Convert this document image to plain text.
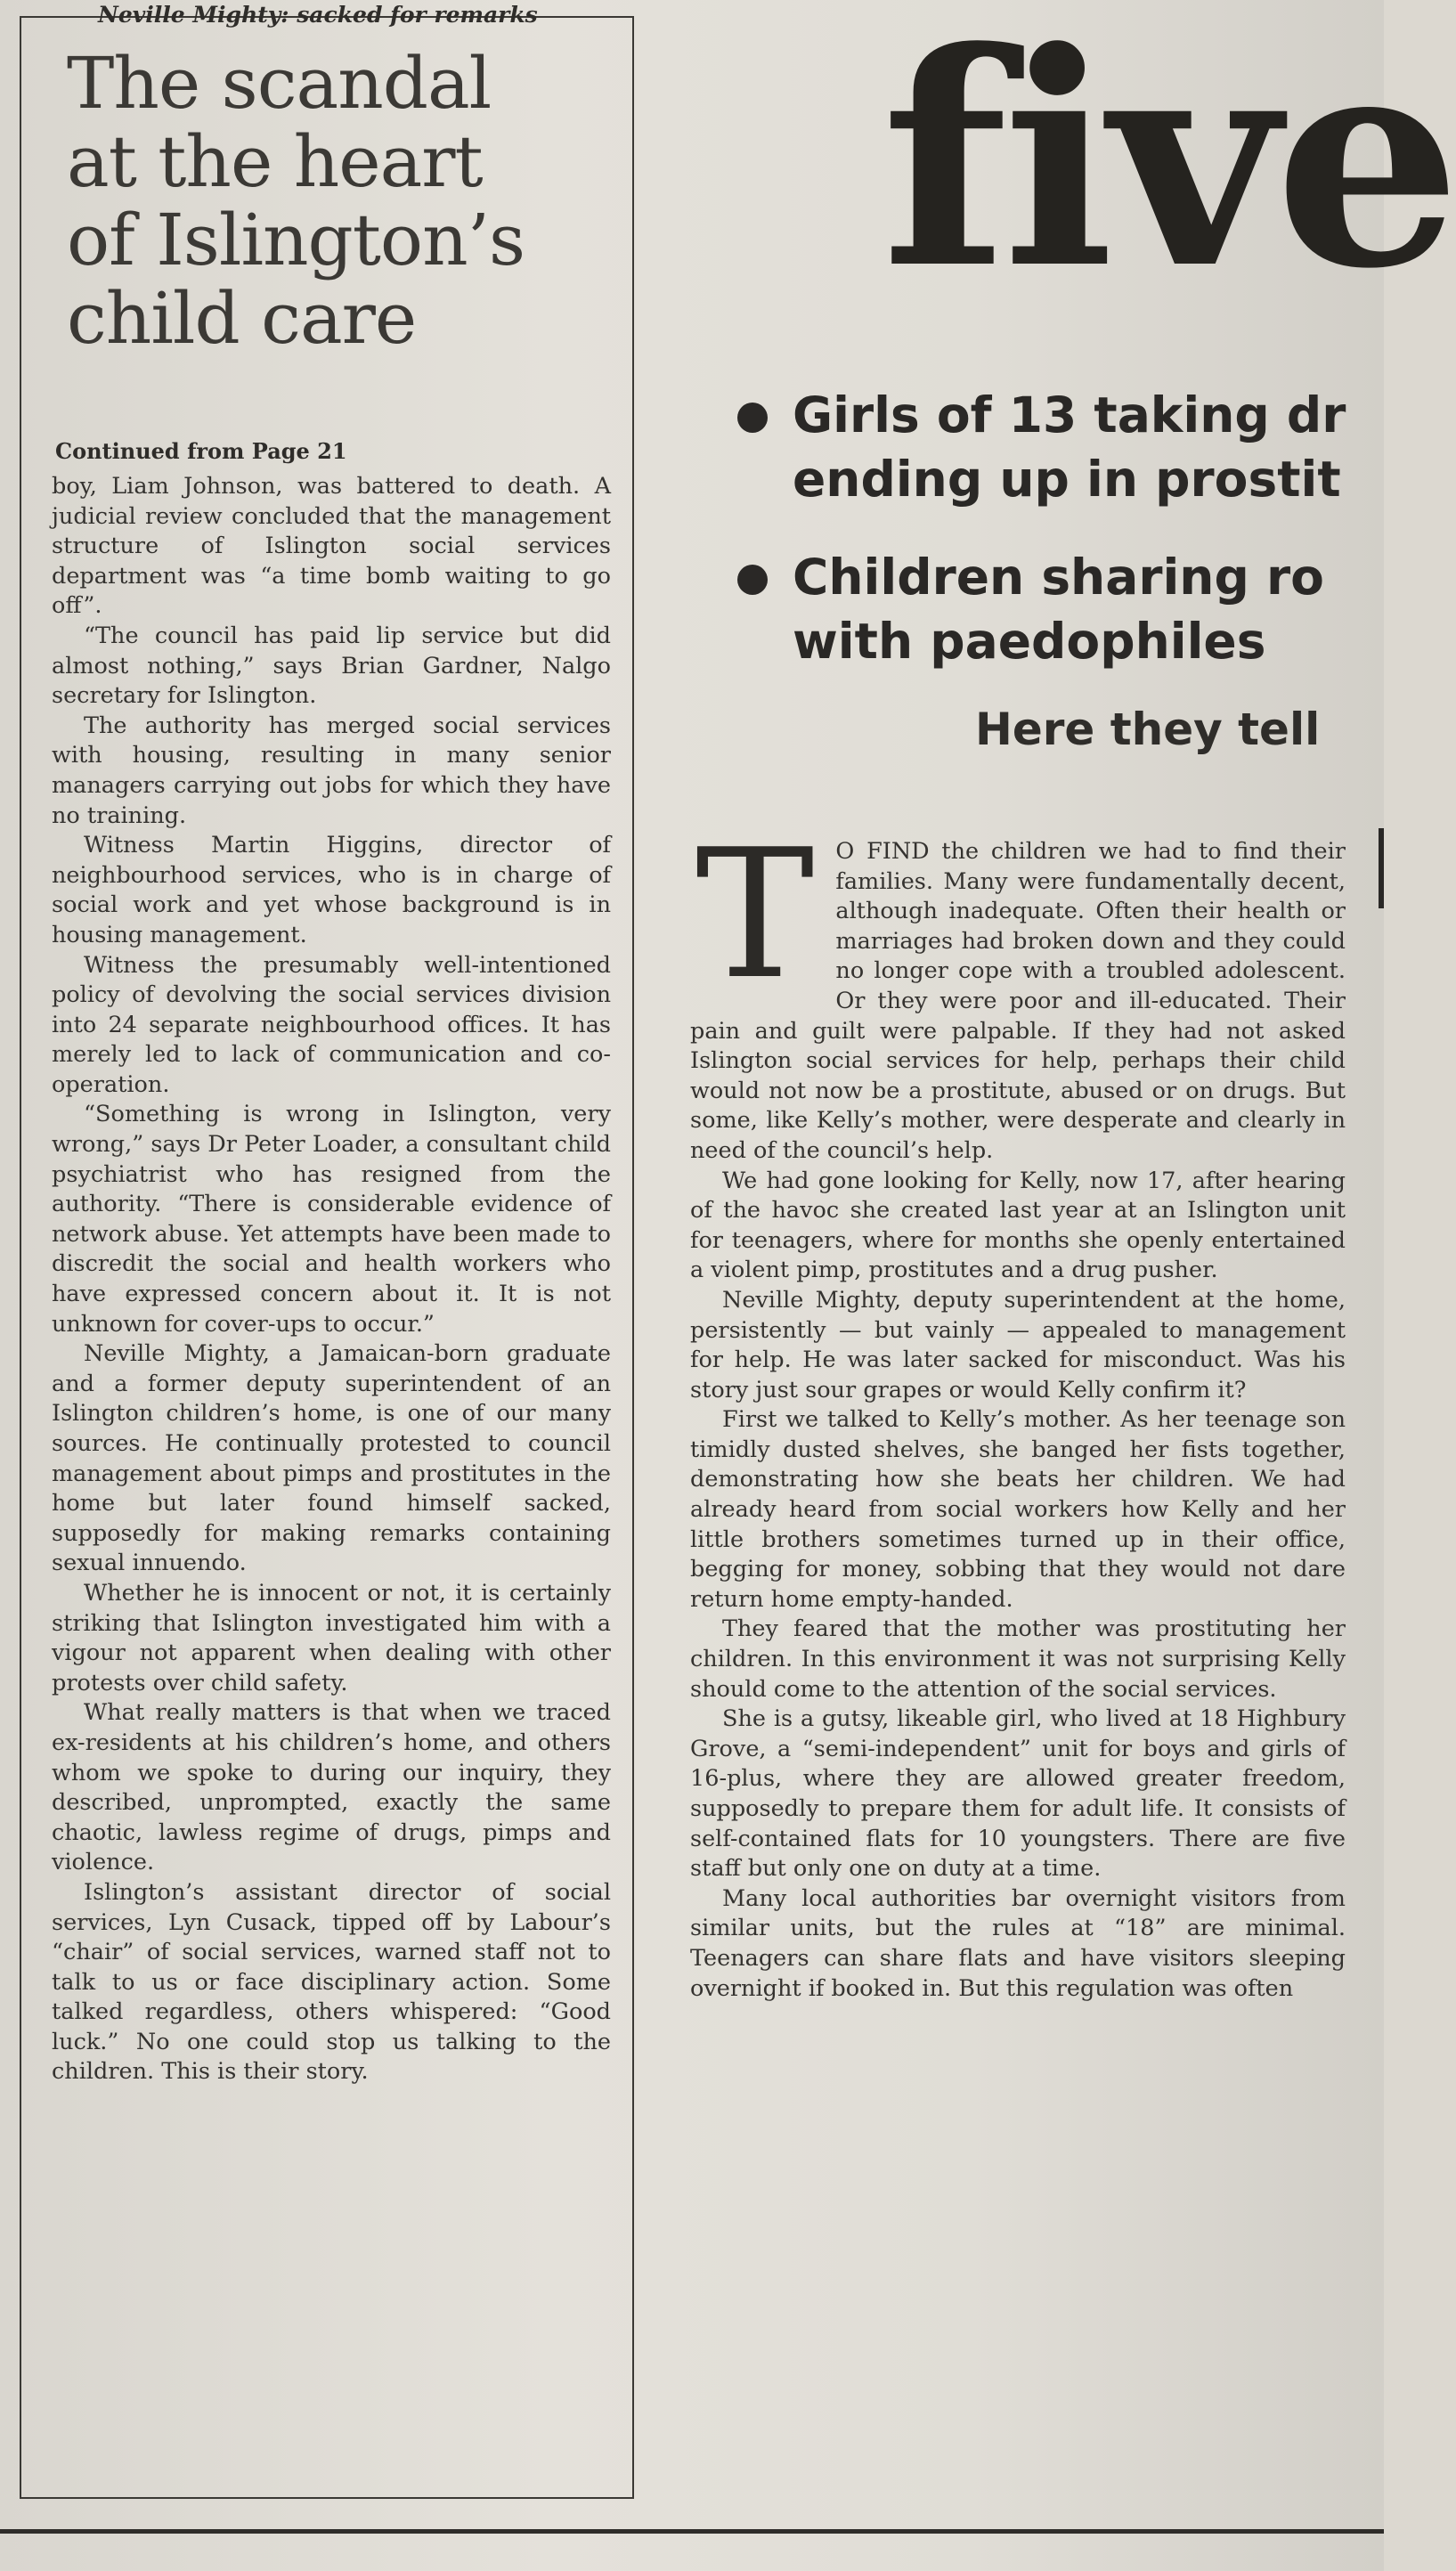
Neville Mighty: sacked for remarks
The scandal
at the heart
of Islington’s
child care
Continued from Page 21

boy, Liam Johnson, was battered to death. A judicial review concluded that the management structure of Islington social services department was “a time bomb waiting to go off”.

“The council has paid lip service but did almost nothing,” says Brian Gardner, Nalgo secretary for Islington.

The authority has merged social services with housing, resulting in many senior managers carrying out jobs for which they have no training.

Witness Martin Higgins, director of neighbourhood services, who is in charge of social work and yet whose background is in housing management.

Witness the presumably well-intentioned policy of devolving the social services division into 24 separate neighbourhood offices. It has merely led to lack of communication and co-operation.

“Something is wrong in Islington, very wrong,” says Dr Peter Loader, a consultant child psychiatrist who has resigned from the authority. “There is considerable evidence of network abuse. Yet attempts have been made to discredit the social and health workers who have expressed concern about it. It is not unknown for cover-ups to occur.”

Neville Mighty, a Jamaican-born graduate and a former deputy superintendent of an Islington children’s home, is one of our many sources. He continually protested to council management about pimps and prostitutes in the home but later found himself sacked, supposedly for making remarks containing sexual innuendo.

Whether he is innocent or not, it is certainly striking that Islington investigated him with a vigour not apparent when dealing with other protests over child safety.

What really matters is that when we traced ex-residents at his children’s home, and others whom we spoke to during our inquiry, they described, unprompted, exactly the same chaotic, lawless regime of drugs, pimps and violence.

Islington’s assistant director of social services, Lyn Cusack, tipped off by Labour’s “chair” of social services, warned staff not to talk to us or face disciplinary action. Some talked regardless, others whispered: “Good luck.” No one could stop us talking to the children. This is their story.

five
Girls of 13 taking dr
ending up in prostit
Children sharing ro
with paedophiles
Here they tell

T O FIND the children we had to find their families. Many were fundamentally decent, although inadequate. Often their health or marriages had broken down and they could no longer cope with a troubled adolescent. Or they were poor and ill-educated. Their pain and guilt were palpable. If they had not asked Islington social services for help, perhaps their child would not now be a prostitute, abused or on drugs. But some, like Kelly’s mother, were desperate and clearly in need of the council’s help.

We had gone looking for Kelly, now 17, after hearing of the havoc she created last year at an Islington unit for teenagers, where for months she openly entertained a violent pimp, prostitutes and a drug pusher.

Neville Mighty, deputy superintendent at the home, persistently — but vainly — appealed to management for help. He was later sacked for misconduct. Was his story just sour grapes or would Kelly confirm it?

First we talked to Kelly’s mother. As her teenage son timidly dusted shelves, she banged her fists together, demonstrating how she beats her children. We had already heard from social workers how Kelly and her little brothers sometimes turned up in their office, begging for money, sobbing that they would not dare return home empty-handed.

They feared that the mother was prostituting her children. In this environment it was not surprising Kelly should come to the attention of the social services.

She is a gutsy, likeable girl, who lived at 18 Highbury Grove, a “semi-independent” unit for boys and girls of 16-plus, where they are allowed greater freedom, supposedly to prepare them for adult life. It consists of self-contained flats for 10 youngsters. There are five staff but only one on duty at a time.

Many local authorities bar overnight visitors from similar units, but the rules at “18” are minimal. Teenagers can share flats and have visitors sleeping overnight if booked in. But this regulation was often
